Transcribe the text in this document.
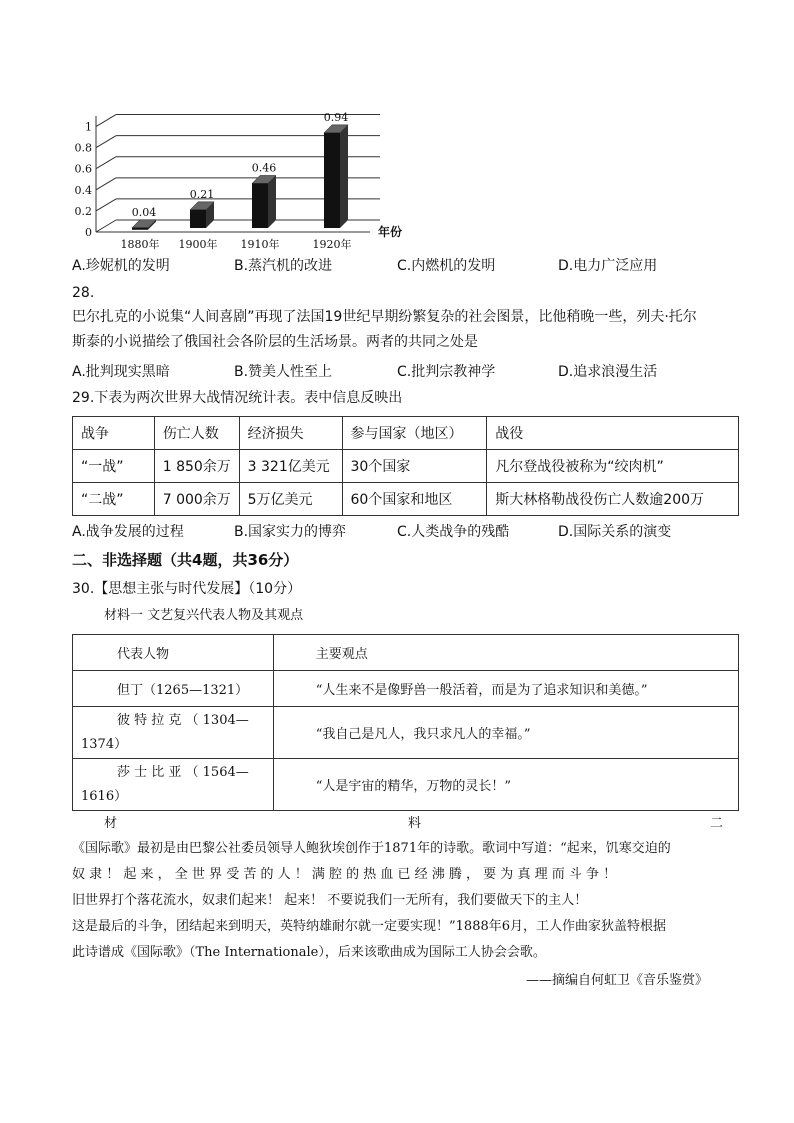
0
0.2
0.4
0.6
0.8
1
年份
0.04
1880年
0.21
1900年
0.46
1910年
0.94
1920年
A.珍妮机的发明	B.蒸汽机的改进	C.内燃机的发明	D.电力广泛应用
28.
巴尔扎克的小说集“人间喜剧”再现了法国19世纪早期纷繁复杂的社会图景，比他稍晚一些，列夫·托尔
斯泰的小说描绘了俄国社会各阶层的生活场景。两者的共同之处是
A.批判现实黑暗	B.赞美人性至上	C.批判宗教神学	D.追求浪漫生活
29.下表为两次世界大战情况统计表。表中信息反映出
战争	伤亡人数	经济损失	参与国家（地区）	战役
“一战”	1 850余万	3 321亿美元	30个国家	凡尔登战役被称为“绞肉机”
“二战”	7 000余万	5万亿美元	60个国家和地区	斯大林格勒战役伤亡人数逾200万
A.战争发展的过程	B.国家实力的博弈	C.人类战争的残酷	D.国际关系的演变
二、非选择题（共4题，共36分）
30.【思想主张与时代发展】（10分）
材料一 文艺复兴代表人物及其观点
代表人物	主要观点

但丁（1265—1321）	“人生来不是像野兽一般活着，而是为了追求知识和美德。”

彼 特 拉 克 （ 1304—
1374）	“我自己是凡人，我只求凡人的幸福。”

莎 士 比 亚 （ 1564—
1616）	“人是宇宙的精华，万物的灵长！”
材	料	二
《国际歌》最初是由巴黎公社委员领导人鲍狄埃创作于1871年的诗歌。歌词中写道：“起来，饥寒交迫的
奴 隶 ！ 起 来 ， 全 世 界 受 苦 的 人 ！ 满 腔 的 热 血 已 经 沸 腾 ， 要 为 真 理 而 斗 争 ！
旧世界打个落花流水，奴隶们起来！ 起来！ 不要说我们一无所有，我们要做天下的主人！
这是最后的斗争，团结起来到明天，英特纳雄耐尔就一定要实现！”1888年6月，工人作曲家狄盖特根据
此诗谱成《国际歌》（The Internationale），后来该歌曲成为国际工人协会会歌。
——摘编自何虹卫《音乐鉴赏》
